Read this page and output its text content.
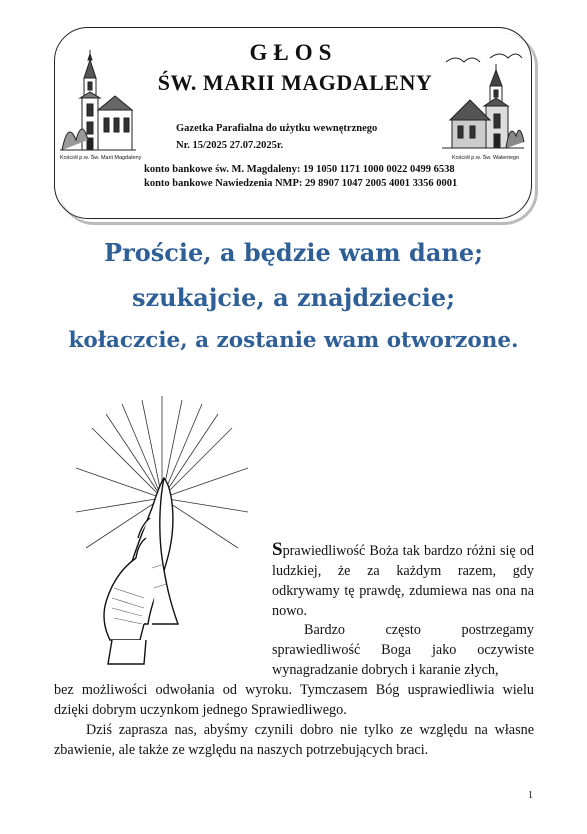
Kościół p.w. Św. Marii Magdaleny	Kościół p.w. Św. Walentego
GŁOS
ŚW. MARII MAGDALENY
Gazetka Parafialna do użytku wewnętrznego
Nr. 15/2025 27.07.2025r.
konto bankowe św. M. Magdaleny: 19 1050 1171 1000 0022 0499 6538
konto bankowe Nawiedzenia NMP: 29 8907 1047 2005 4001 3356 0001
Proście, a będzie wam dane;
szukajcie, a znajdziecie;
kołaczcie, a zostanie wam otworzone.
Sprawiedliwość Boża tak bardzo różni się od ludzkiej, że za każdym razem, gdy odkrywamy tę prawdę, zdumiewa nas ona na nowo.
Bardzo często postrzegamy sprawiedliwość Boga jako oczywiste wynagradzanie dobrych i karanie złych,
bez możliwości odwołania od wyroku. Tymczasem Bóg usprawiedliwia wielu dzięki dobrym uczynkom jednego Sprawiedliwego.
Dziś zaprasza nas, abyśmy czynili dobro nie tylko ze względu na własne zbawienie, ale także ze względu na naszych potrzebujących braci.
1
